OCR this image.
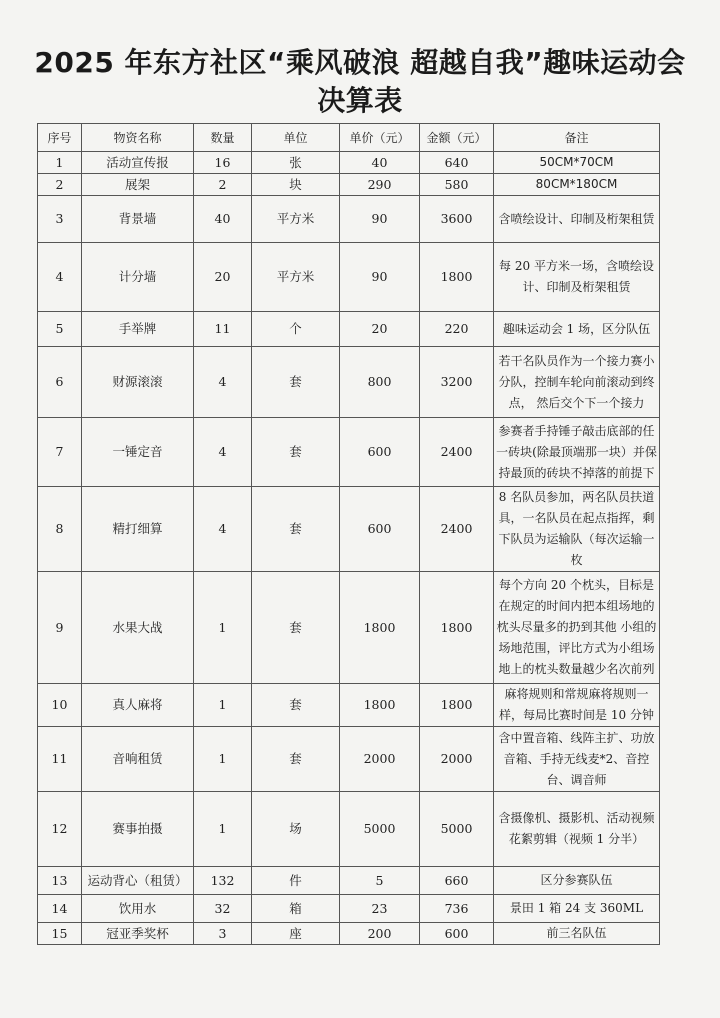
2025 年东方社区“乘风破浪 超越自我”趣味运动会
决算表
序号	物资名称	数量	单位	单价（元）	金额（元）	备注
1	活动宣传报	16	张	40	640	50CM*70CM
2	展架	2	块	290	580	80CM*180CM
3	背景墙	40	平方米	90	3600	含喷绘设计、印制及桁架租赁
4	计分墙	20	平方米	90	1800	每 20 平方米一场，含喷绘设计、印制及桁架租赁
5	手举牌	11	个	20	220	趣味运动会 1 场，区分队伍
6	财源滚滚	4	套	800	3200	若干名队员作为一个接力赛小分队，控制车轮向前滚动到终点， 然后交个下一个接力
7	一锤定音	4	套	600	2400	参赛者手持锤子敲击底部的任一砖块(除最顶端那一块）并保持最顶的砖块不掉落的前提下
8	精打细算	4	套	600	2400	8 名队员参加，两名队员扶道具，一名队员在起点指挥，剩下队员为运输队（每次运输一枚
9	水果大战	1	套	1800	1800	每个方向 20 个枕头，目标是在规定的时间内把本组场地的枕头尽量多的扔到其他 小组的场地范围，评比方式为小组场地上的枕头数量越少名次前列
10	真人麻将	1	套	1800	1800	麻将规则和常规麻将规则一样，每局比赛时间是 10 分钟
11	音响租赁	1	套	2000	2000	含中置音箱、线阵主扩、功放音箱、手持无线麦*2、音控台、调音师
12	赛事拍摄	1	场	5000	5000	含摄像机、摄影机、活动视频花絮剪辑（视频 1 分半）
13	运动背心（租赁）	132	件	5	660	区分参赛队伍
14	饮用水	32	箱	23	736	景田 1 箱 24 支 360ML
15	冠亚季奖杯	3	座	200	600	前三名队伍
